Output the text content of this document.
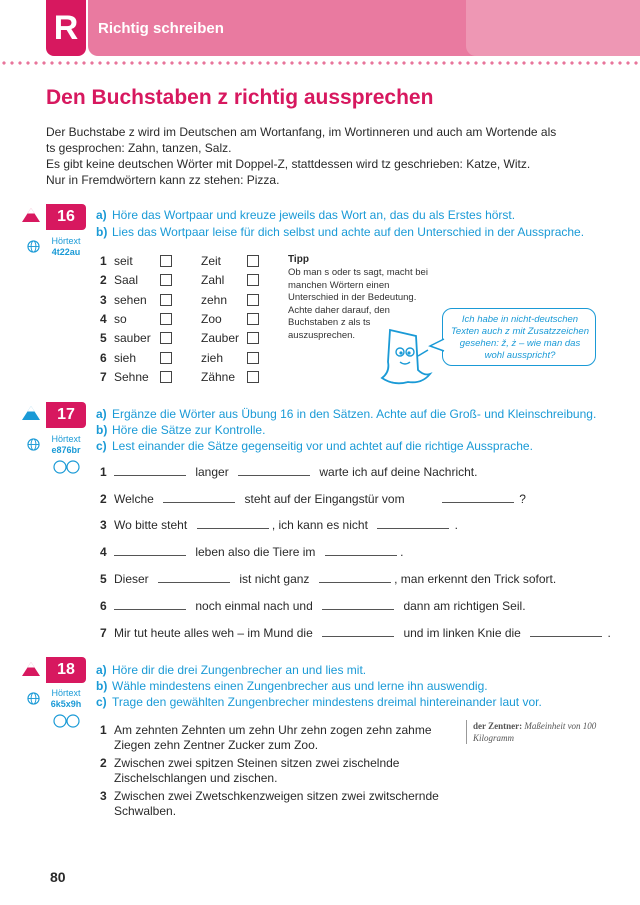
R	Richtig schreiben
Den Buchstaben z richtig aussprechen
Der Buchstabe z wird im Deutschen am Wortanfang, im Wortinneren und auch am Wortende als
ts gesprochen: Zahn, tanzen, Salz.
Es gibt keine deutschen Wörter mit Doppel-Z, stattdessen wird tz geschrieben: Katze, Witz.
Nur in Fremdwörtern kann zz stehen: Pizza.
16
Hörtext
4t22au
a) Höre das Wortpaar und kreuze jeweils das Wort an, das du als Erstes hörst.
b) Lies das Wortpaar leise für dich selbst und achte auf den Unterschied in der Aussprache.
1 seit	Zeit
2 Saal	Zahl
3 sehen	zehn
4 so	Zoo
5 sauber	Zauber
6 sieh	zieh
7 Sehne	Zähne
Tipp
Ob man s oder ts sagt, macht bei manchen Wörtern einen Unterschied in der Bedeutung. Achte daher darauf, den Buchstaben z als ts auszusprechen.
Ich habe in nicht-deutschen Texten auch z mit Zusatzzeichen gesehen: ž, ż – wie man das wohl ausspricht?
17
Hörtext
e876br
a) Ergänze die Wörter aus Übung 16 in den Sätzen. Achte auf die Groß- und Kleinschreibung.
b) Höre die Sätze zur Kontrolle.
c) Lest einander die Sätze gegenseitig vor und achtet auf die richtige Aussprache.
1	langer	warte ich auf deine Nachricht.
2 Welche	steht auf der Eingangstür vom	?
3 Wo bitte steht	, ich kann es nicht	.
4	leben also die Tiere im	.
5 Dieser	ist nicht ganz	, man erkennt den Trick sofort.
6	noch einmal nach und	dann am richtigen Seil.
7 Mir tut heute alles weh – im Mund die	und im linken Knie die	.
18
Hörtext
6k5x9h
a) Höre dir die drei Zungenbrecher an und lies mit.
b) Wähle mindestens einen Zungenbrecher aus und lerne ihn auswendig.
c) Trage den gewählten Zungenbrecher mindestens dreimal hintereinander laut vor.
1 Am zehnten Zehnten um zehn Uhr zehn zogen zehn zahme
Ziegen zehn Zentner Zucker zum Zoo.
2 Zwischen zwei spitzen Steinen sitzen zwei zischelnde
Zischelschlangen und zischen.
3 Zwischen zwei Zwetschkenzweigen sitzen zwei zwitschernde
Schwalben.
der Zentner: Maßeinheit von 100 Kilogramm
80
